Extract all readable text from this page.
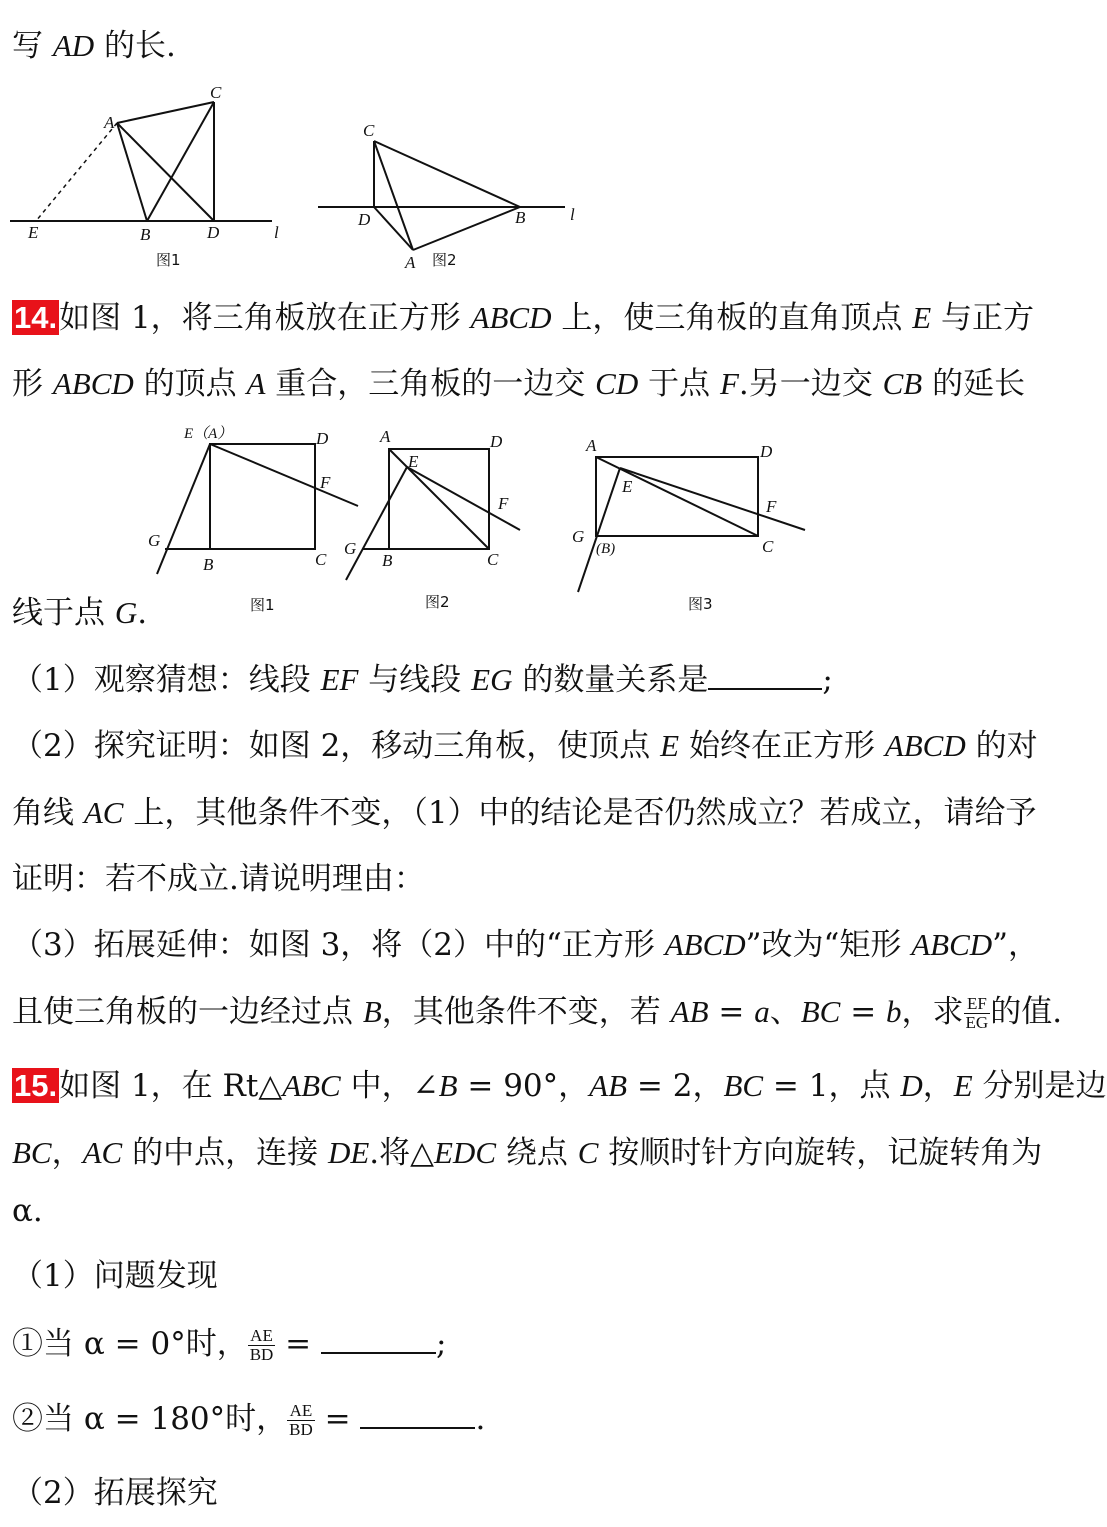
写 AD 的长.
C
A
E	B	D	l
图1
C
D	B	l
A 图2
14.如图 1，将三角板放在正方形 ABCD 上，使三角板的直角顶点 E 与正方
形 ABCD 的顶点 A 重合，三角板的一边交 CD 于点 F.另一边交 CB 的延长
E（A）	D
F
G
B	C
图1
A	D
E
F
G
B	C
图2
A	D
E
F
G
(B)	C
图3
线于点 G.
（1）观察猜想：线段 EF 与线段 EG 的数量关系是	;
（2）探究证明：如图 2，移动三角板，使顶点 E 始终在正方形 ABCD 的对
角线 AC 上，其他条件不变，（1）中的结论是否仍然成立？若成立，请给予
证明：若不成立.请说明理由：
（3）拓展延伸：如图 3，将（2）中的“正方形 ABCD”改为“矩形 ABCD”，
且使三角板的一边经过点 B，其他条件不变，若 AB = a、BC = b，求 $\frac{EF}{EG}$ 的值.
15.如图 1，在 Rt△ABC 中，∠B = 90°，AB = 2，BC = 1，点 D，E 分别是边
BC，AC 的中点，连接 DE.将△EDC 绕点 C 按顺时针方向旋转，记旋转角为
α.
（1）问题发现
①当 α = 0°时， $\frac{AE}{BD}$ =	;
②当 α = 180°时， $\frac{AE}{BD}$ =	.
（2）拓展探究
